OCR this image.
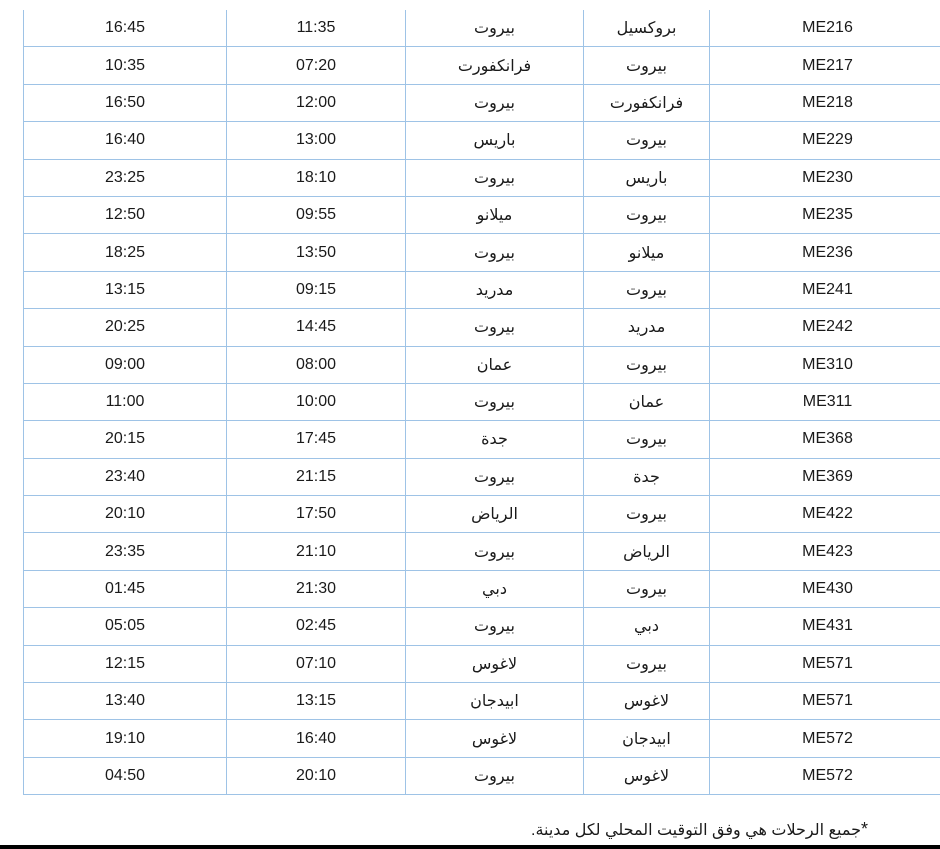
16:45	11:35	بيروت	بروكسيل	ME216
10:35	07:20	فرانكفورت	بيروت	ME217
16:50	12:00	بيروت	فرانكفورت	ME218
16:40	13:00	باريس	بيروت	ME229
23:25	18:10	بيروت	باريس	ME230
12:50	09:55	ميلانو	بيروت	ME235
18:25	13:50	بيروت	ميلانو	ME236
13:15	09:15	مدريد	بيروت	ME241
20:25	14:45	بيروت	مدريد	ME242
09:00	08:00	عمان	بيروت	ME310
11:00	10:00	بيروت	عمان	ME311
20:15	17:45	جدة	بيروت	ME368
23:40	21:15	بيروت	جدة	ME369
20:10	17:50	الرياض	بيروت	ME422
23:35	21:10	بيروت	الرياض	ME423
01:45	21:30	دبي	بيروت	ME430
05:05	02:45	بيروت	دبي	ME431
12:15	07:10	لاغوس	بيروت	ME571
13:40	13:15	ابيدجان	لاغوس	ME571
19:10	16:40	لاغوس	ابيدجان	ME572
04:50	20:10	بيروت	لاغوس	ME572
*جميع الرحلات هي وفق التوقيت المحلي لكل مدينة.
